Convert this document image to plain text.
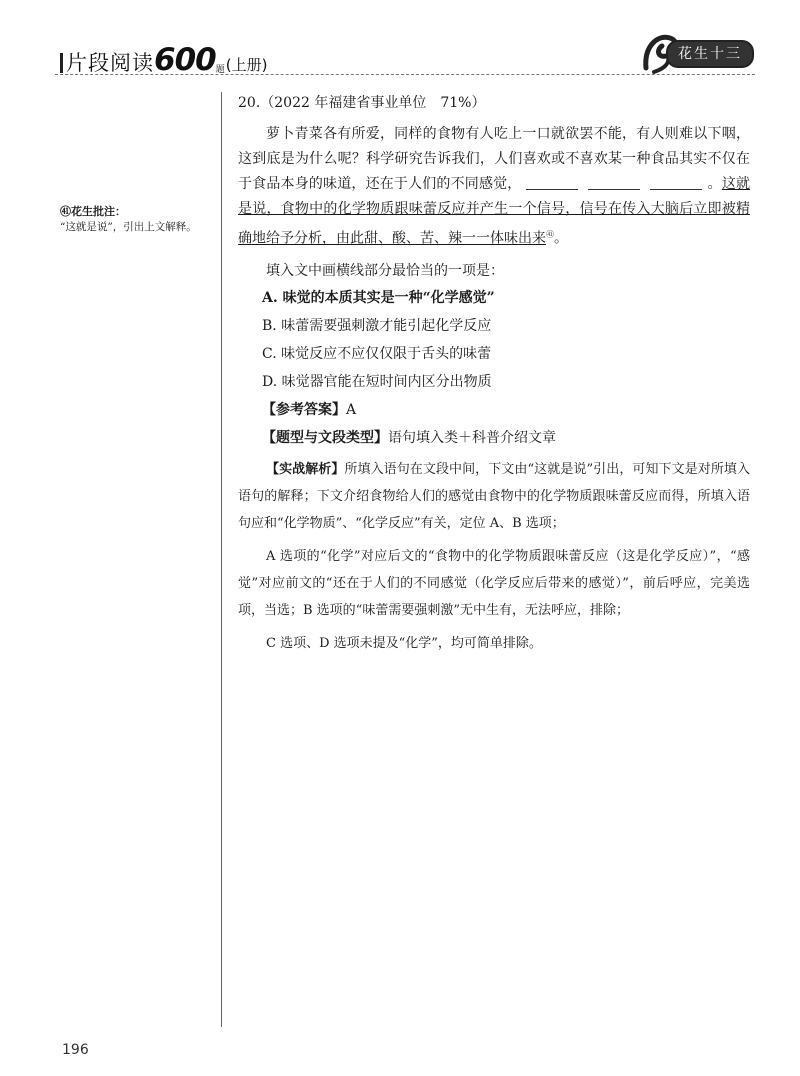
片段阅读600题(上册)
花生十三
㊶花生批注：
“这就是说”，引出上文解释。

20.（2022 年福建省事业单位　71%）

萝卜青菜各有所爱，同样的食物有人吃上一口就欲罢不能，有人则难以下咽，这到底是为什么呢？科学研究告诉我们，人们喜欢或不喜欢某一种食品其实不仅在于食品本身的味道，还在于人们的不同感觉，	。这就是说，食物中的化学物质跟味蕾反应并产生一个信号，信号在传入大脑后立即被精确地给予分析，由此甜、酸、苦、辣一一体味出来$^㊶$。

填入文中画横线部分最恰当的一项是：

A. 味觉的本质其实是一种“化学感觉”

B. 味蕾需要强刺激才能引起化学反应

C. 味觉反应不应仅仅限于舌头的味蕾

D. 味觉器官能在短时间内区分出物质

【参考答案】A

【题型与文段类型】语句填入类＋科普介绍文章

【实战解析】所填入语句在文段中间，下文由“这就是说”引出，可知下文是对所填入语句的解释；下文介绍食物给人们的感觉由食物中的化学物质跟味蕾反应而得，所填入语句应和“化学物质”、“化学反应”有关，定位 A、B 选项；

A 选项的“化学”对应后文的“食物中的化学物质跟味蕾反应（这是化学反应）”，“感觉”对应前文的“还在于人们的不同感觉（化学反应后带来的感觉）”，前后呼应，完美选项，当选；B 选项的“味蕾需要强刺激”无中生有，无法呼应，排除；

C 选项、D 选项未提及“化学”，均可简单排除。

196
